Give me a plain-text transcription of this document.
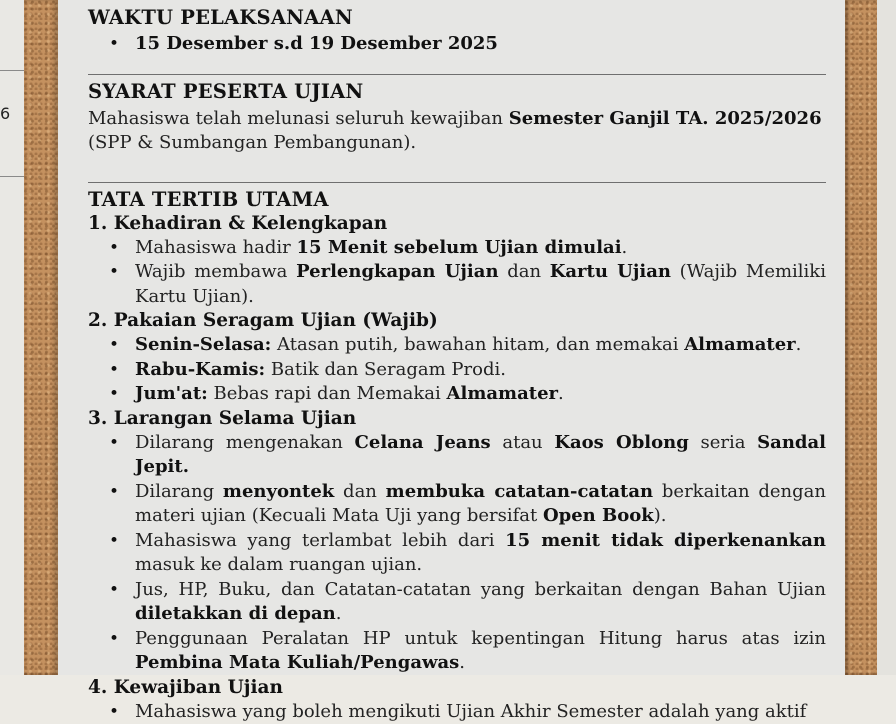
6
WAKTU PELAKSANAAN
• 15 Desember s.d 19 Desember 2025
SYARAT PESERTA UJIAN
Mahasiswa telah melunasi seluruh kewajiban Semester Ganjil TA. 2025/2026
(SPP & Sumbangan Pembangunan).
TATA TERTIB UTAMA
1. Kehadiran & Kelengkapan
• Mahasiswa hadir 15 Menit sebelum Ujian dimulai.
• Wajib membawa Perlengkapan Ujian dan Kartu Ujian (Wajib Memiliki Kartu Ujian).
2. Pakaian Seragam Ujian (Wajib)
• Senin-Selasa: Atasan putih, bawahan hitam, dan memakai Almamater.
• Rabu-Kamis: Batik dan Seragam Prodi.
• Jum'at: Bebas rapi dan Memakai Almamater.
3. Larangan Selama Ujian
• Dilarang mengenakan Celana Jeans atau Kaos Oblong seria Sandal Jepit.
• Dilarang menyontek dan membuka catatan-catatan berkaitan dengan materi ujian (Kecuali Mata Uji yang bersifat Open Book).
• Mahasiswa yang terlambat lebih dari 15 menit tidak diperkenankan masuk ke dalam ruangan ujian.
• Jus, HP, Buku, dan Catatan-catatan yang berkaitan dengan Bahan Ujian diletakkan di depan.
• Penggunaan Peralatan HP untuk kepentingan Hitung harus atas izin Pembina Mata Kuliah/Pengawas.
4. Kewajiban Ujian
• Mahasiswa yang boleh mengikuti Ujian Akhir Semester adalah yang aktif
